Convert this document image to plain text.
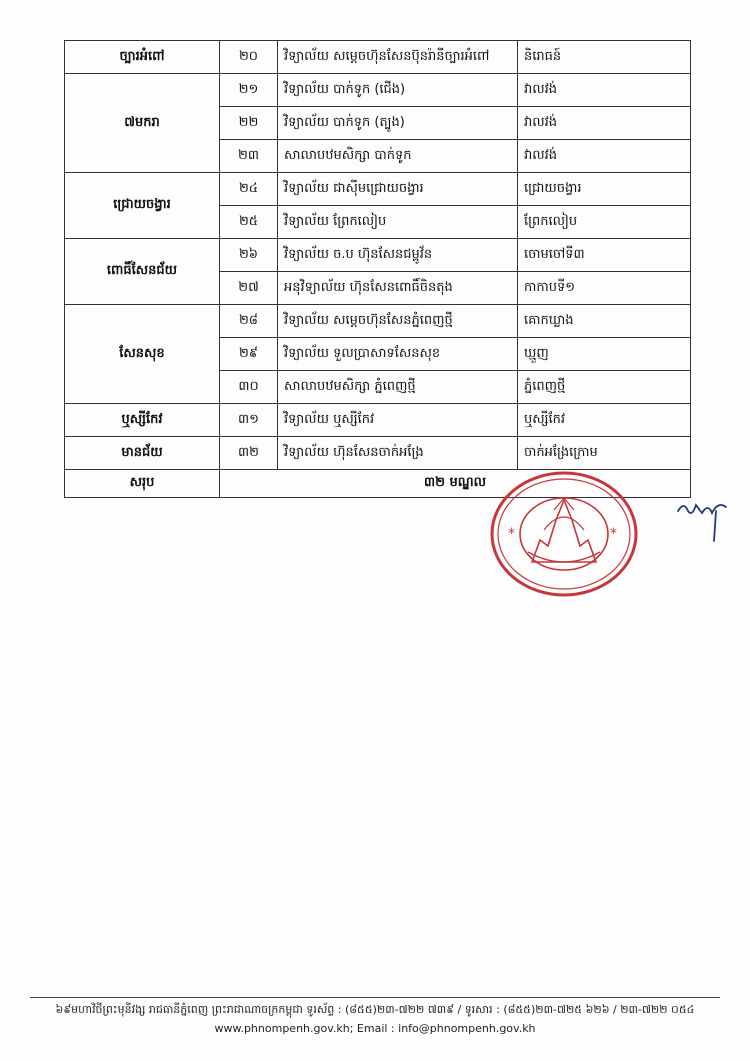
ច្បារអំពៅ	២០	វិទ្យាល័យ សម្តេចហ៊ុនសែនប៊ុនរ៉ានីច្បារអំពៅ	និរោធន៍
៧មករា	២១	វិទ្យាល័យ បាក់ទូក (ជើង)	វាលវង់
	២២	វិទ្យាល័យ បាក់ទូក (ត្បូង)	វាលវង់
	២៣	សាលាបឋមសិក្សា បាក់ទូក	វាលវង់
ជ្រោយចង្វារ	២៤	វិទ្យាល័យ ជាស៊ីមជ្រោយចង្វារ	ជ្រោយចង្វារ
	២៥	វិទ្យាល័យ ព្រែកលៀប	ព្រែកលៀប
ពោធិ៍សែនជ័យ	២៦	វិទ្យាល័យ ច.ប ហ៊ុនសែនជម្ពូវ័ន	ចោមចៅទី៣
	២៧	អនុវិទ្យាល័យ ហ៊ុនសែនពោធិ៍ចិនតុង	កាកាបទី១
សែនសុខ	២៨	វិទ្យាល័យ សម្តេចហ៊ុនសែនភ្នំពេញថ្មី	គោកឃ្លាង
	២៩	វិទ្យាល័យ ទួលប្រាសាទសែនសុខ	ឃ្មួញ
	៣០	សាលាបឋមសិក្សា ភ្នំពេញថ្មី	ភ្នំពេញថ្មី
ឬស្សីកែវ	៣១	វិទ្យាល័យ ឬស្សីកែវ	ឬស្សីកែវ
មានជ័យ	៣២	វិទ្យាល័យ ហ៊ុនសែនចាក់អង្រែ	ចាក់អង្រែក្រោម
សរុប	៣២ មណ្ឌល		
*	*
៦៩មហាវិថីព្រះមុនីវង្ស រាជធានីភ្នំពេញ ព្រះរាជាណាចក្រកម្ពុជា ទូរស័ព្ទ : (៨៥៥)២៣-៧២២ ៧៣៩ / ទូរសារ : (៨៥៥)២៣-៧២៥ ៦២៦ / ២៣-៧២២ ០៥៤
www.phnompenh.gov.kh; Email : info@phnompenh.gov.kh
